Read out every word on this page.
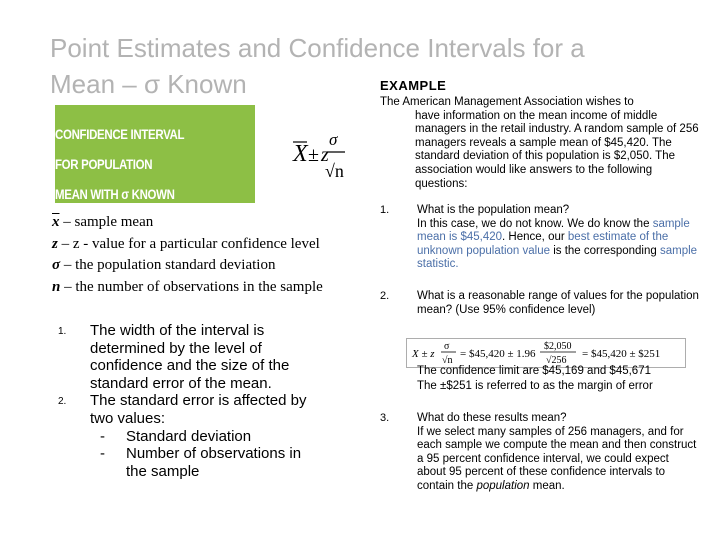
Point Estimates and Confidence Intervals for a
Mean – σ Known	EXAMPLE
The American Management Association wishes to
have information on the mean income of middle managers in the retail industry. A random sample of 256 managers reveals a sample mean of $45,420. The standard deviation of this population is $2,050. The association would like answers to the following questions:
X ± z
σ
√n
CONFIDENCE INTERVAL FOR POPULATION
MEAN WITH σ KNOWN
$\overline{x}$ – sample mean
z – z - value for a particular confidence level
σ – the population standard deviation
n – the number of observations in the sample
1. The width of the interval is determined by the level of confidence and the size of the standard error of the mean.
2. The standard error is affected by two values:
- Standard deviation
- Number of observations in the sample
1. What is the population mean?
In this case, we do not know. We do know the sample mean is $45,420. Hence, our best estimate of the unknown population value is the corresponding sample statistic.
2. What is a reasonable range of values for the population mean? (Use 95% confidence level)
X ± z
σ
√n
= $45,420 ± 1.96
$2,050
√256
= $45,420 ± $251
The confidence limit are $45,169 and $45,671
The ±$251 is referred to as the margin of error
3. What do these results mean?
If we select many samples of 256 managers, and for each sample we compute the mean and then construct a 95 percent confidence interval, we could expect about 95 percent of these confidence intervals to contain the population mean.
